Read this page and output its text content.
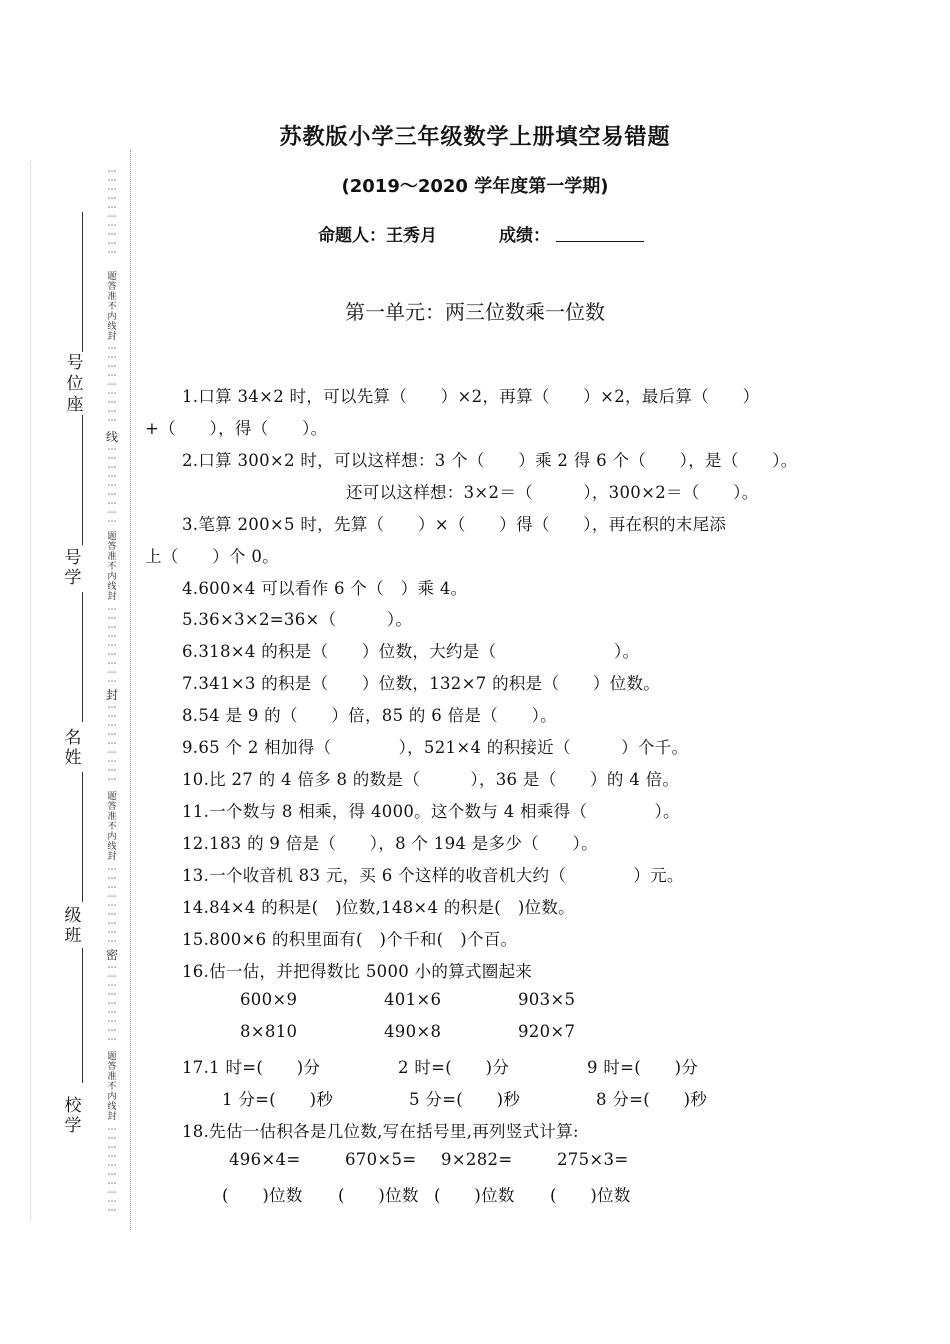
⋯
⋯
⋯
⋯
⋯
⋯
⋯
⋯
⋯
⋯
题
答
准
不
内
线
封
⋯
⋯
⋯
⋯
⋯
⋯
⋯
⋯
⋯
线
⋯
⋯
⋯
⋯
⋯
⋯
⋯
⋯
⋯
题
答
准
不
内
线
封
⋯
⋯
⋯
⋯
⋯
⋯
⋯
⋯
⋯
封
⋯
⋯
⋯
⋯
⋯
⋯
⋯
⋯
⋯
题
答
准
不
内
线
封
⋯
⋯
⋯
⋯
⋯
⋯
⋯
⋯
⋯
密
⋯
⋯
⋯
⋯
⋯
⋯
⋯
⋯
⋯
题
答
准
不
内
线
封
⋯
⋯
⋯
⋯
⋯
⋯
⋯
⋯
⋯
⋯
号
位
座
号
学
名
姓
级
班
校
学
苏教版小学三年级数学上册填空易错题
(2019～2020 学年度第一学期)
命题人：王秀月	成绩：
第一单元：两三位数乘一位数
1.口算 34×2 时，可以先算（　　）×2，再算（　　）×2，最后算（　　）
+（　　），得（　　）。
2.口算 300×2 时，可以这样想：3 个（　　）乘 2 得 6 个（　　），是（　　）。
还可以这样想：3×2＝（　　　），300×2＝（　　）。
3.笔算 200×5 时，先算（　　）×（　　）得（　　），再在积的末尾添
上（　　）个 0。
4.600×4 可以看作 6 个（　）乘 4。
5.36×3×2=36×（　　　）。
6.318×4 的积是（　　）位数，大约是（　　　　　　　）。
7.341×3 的积是（　　）位数，132×7 的积是（　　）位数。
8.54 是 9 的（　　）倍，85 的 6 倍是（　　）。
9.65 个 2 相加得（　　　　），521×4 的积接近（　　　）个千。
10.比 27 的 4 倍多 8 的数是（　　　），36 是（　　）的 4 倍。
11.一个数与 8 相乘，得 4000。这个数与 4 相乘得（　　　　）。
12.183 的 9 倍是（　　），8 个 194 是多少（　　）。
13.一个收音机 83 元，买 6 个这样的收音机大约（　　　　）元。
14.84×4 的积是(　)位数,148×4 的积是(　)位数。
15.800×6 的积里面有(　)个千和(　)个百。
16.估一估，并把得数比 5000 小的算式圈起来
600×9	401×6	903×5
8×810	490×8	920×7
17.1 时=(　　)分	2 时=(　　)分	9 时=(　　)分
1 分=(　　)秒	5 分=(　　)秒	8 分=(　　)秒
18.先估一估积各是几位数,写在括号里,再列竖式计算:
496×4=	670×5= 9×282=	275×3=
(　　)位数 (　　)位数 (　　)位数 (　　)位数
